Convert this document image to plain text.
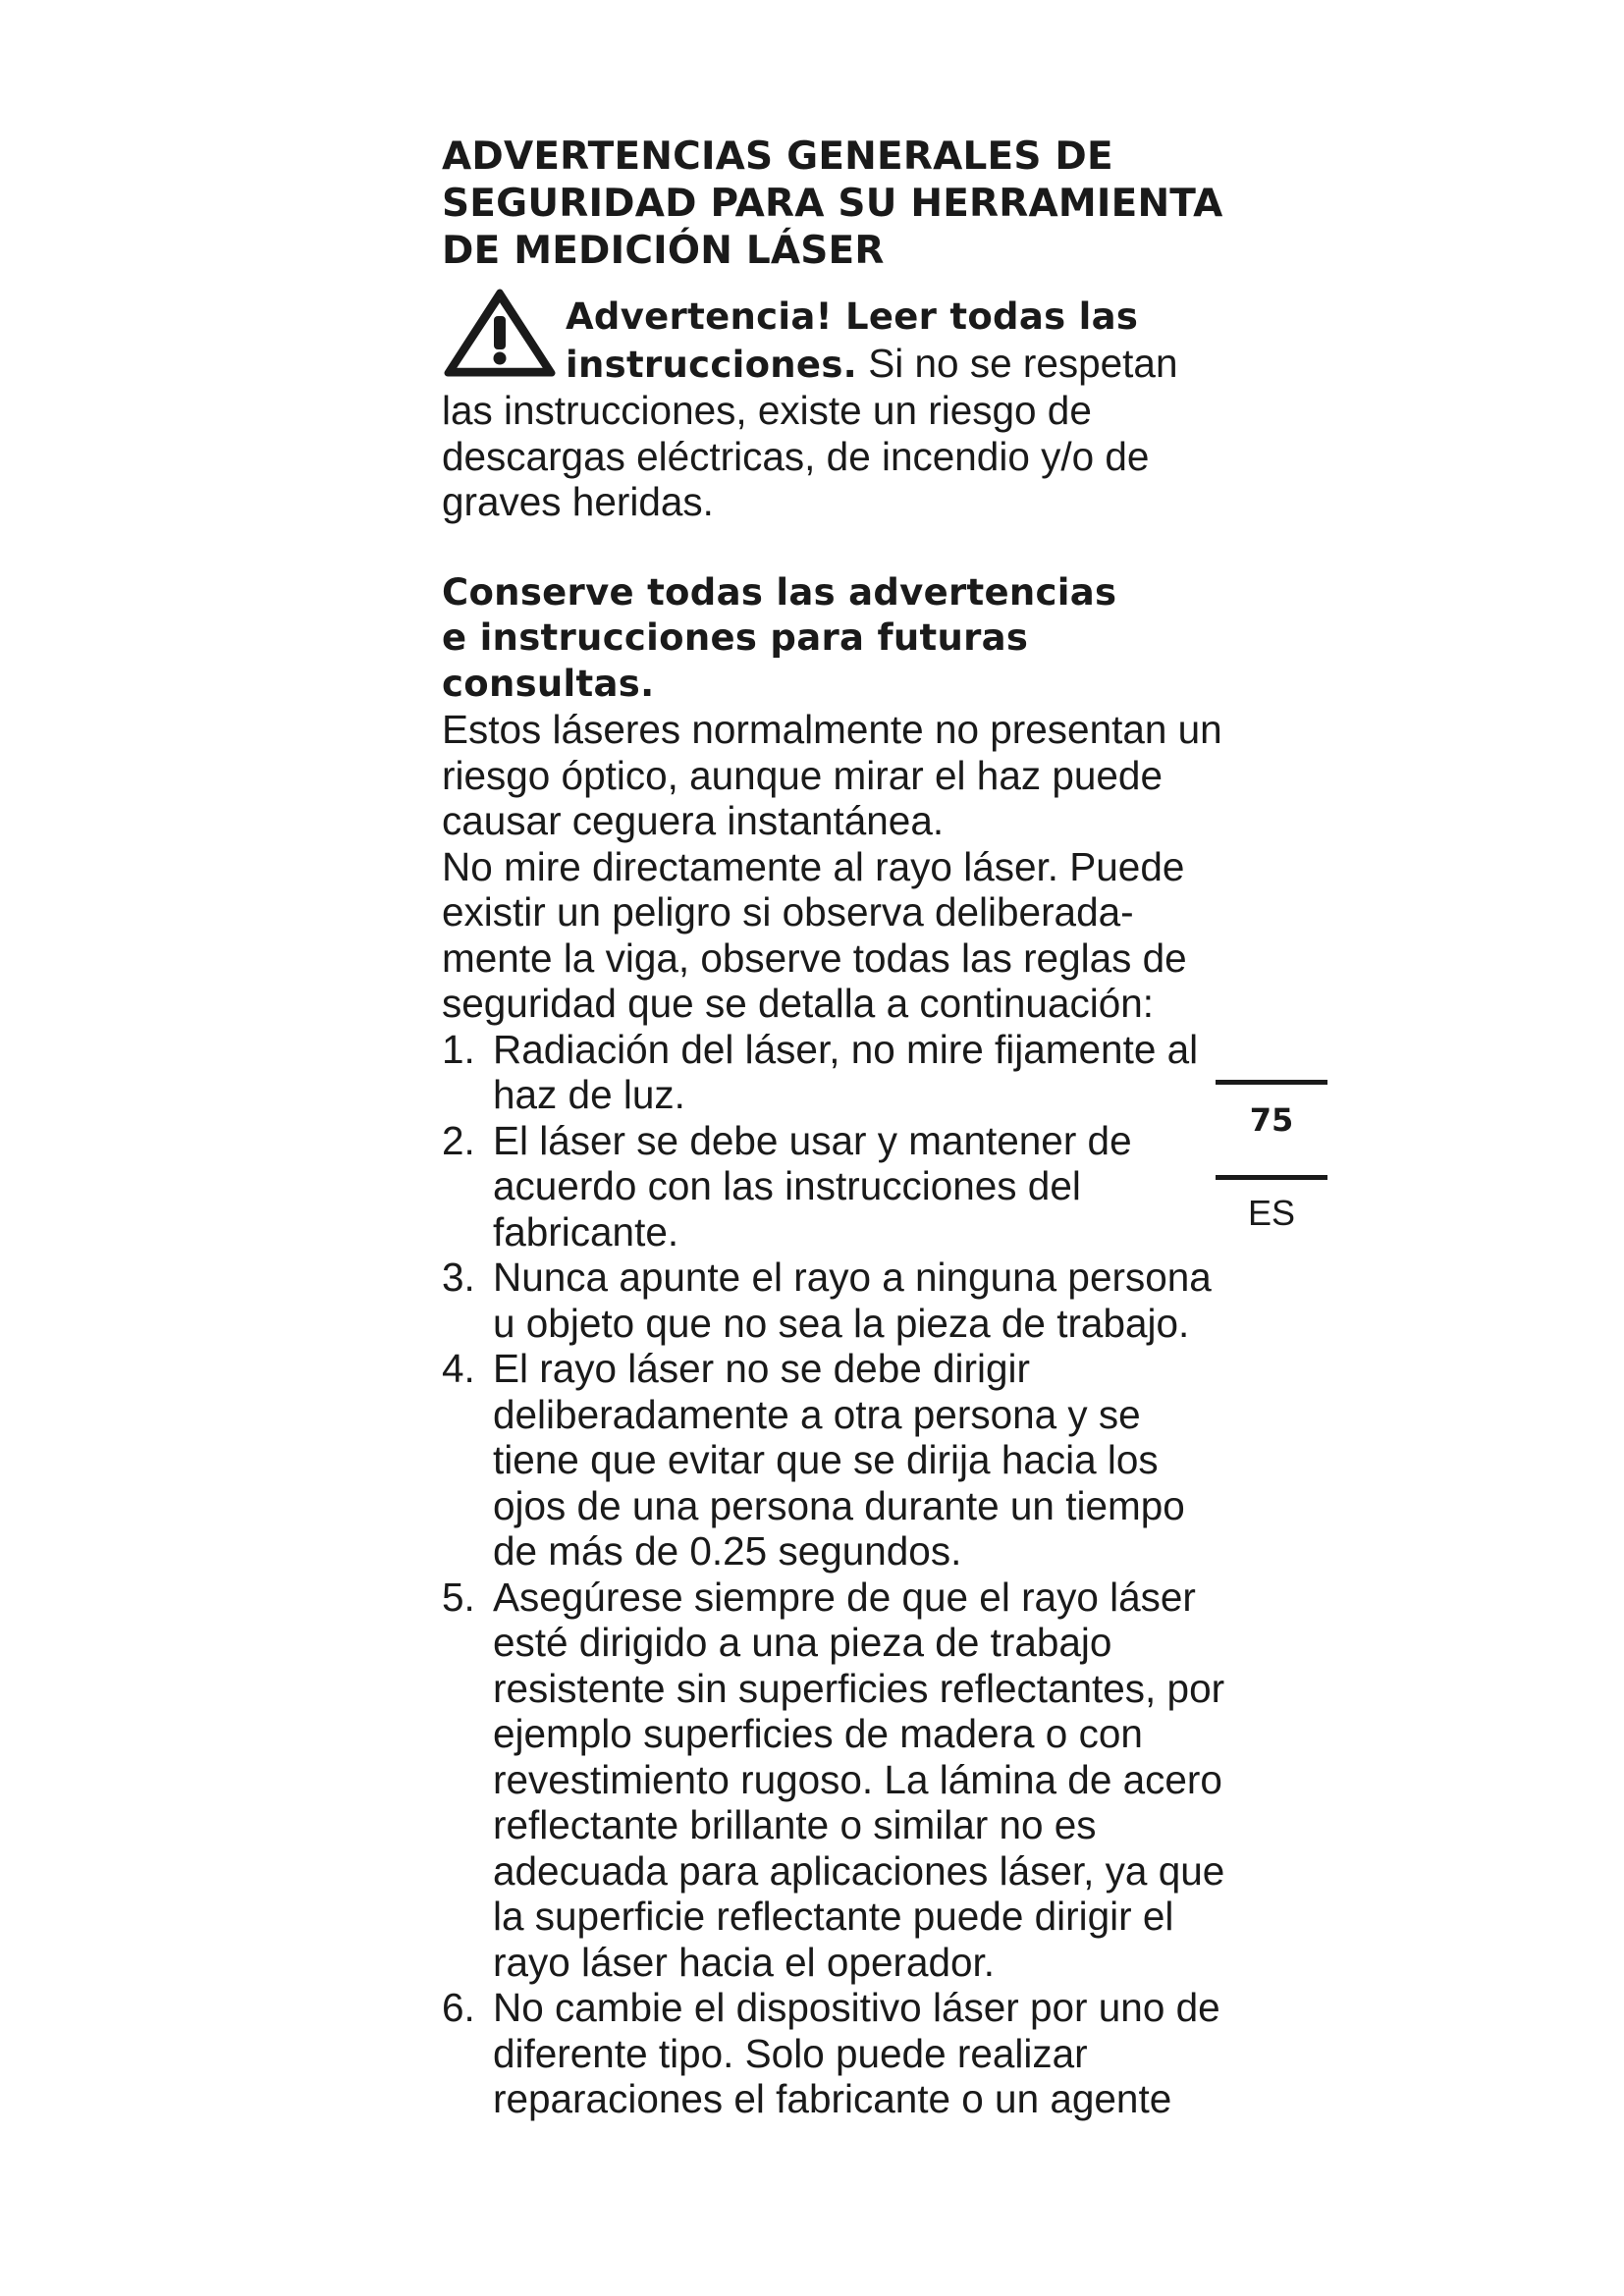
ADVERTENCIAS GENERALES DE
SEGURIDAD PARA SU HERRAMIENTA
DE MEDICIÓN LÁSER
Advertencia! Leer todas las
instrucciones. Si no se respetan las instrucciones, existe un riesgo de descargas eléctricas, de incendio y/o de graves heridas.
Conserve todas las advertencias
e instrucciones para futuras
consultas.

Estos láseres normalmente no presentan un riesgo óptico, aunque mirar el haz puede causar ceguera instantánea.

No mire directamente al rayo láser. Puede existir un peligro si observa deliberada-mente la viga, observe todas las reglas de seguridad que se detalla a continuación:

1. Radiación del láser, no mire fijamente al haz de luz.
2. El láser se debe usar y mantener de acuerdo con las instrucciones del fabricante.
3. Nunca apunte el rayo a ninguna persona u objeto que no sea la pieza de trabajo.
4. El rayo láser no se debe dirigir deliberadamente a otra persona y se tiene que evitar que se dirija hacia los ojos de una persona durante un tiempo de más de 0.25 segundos.
5. Asegúrese siempre de que el rayo láser esté dirigido a una pieza de trabajo resistente sin superficies reflectantes, por ejemplo superficies de madera o con revestimiento rugoso. La lámina de acero reflectante brillante o similar no es adecuada para aplicaciones láser, ya que la superficie reflectante puede dirigir el rayo láser hacia el operador.
6. No cambie el dispositivo láser por uno de diferente tipo. Solo puede realizar reparaciones el fabricante o un agente
75
ES
